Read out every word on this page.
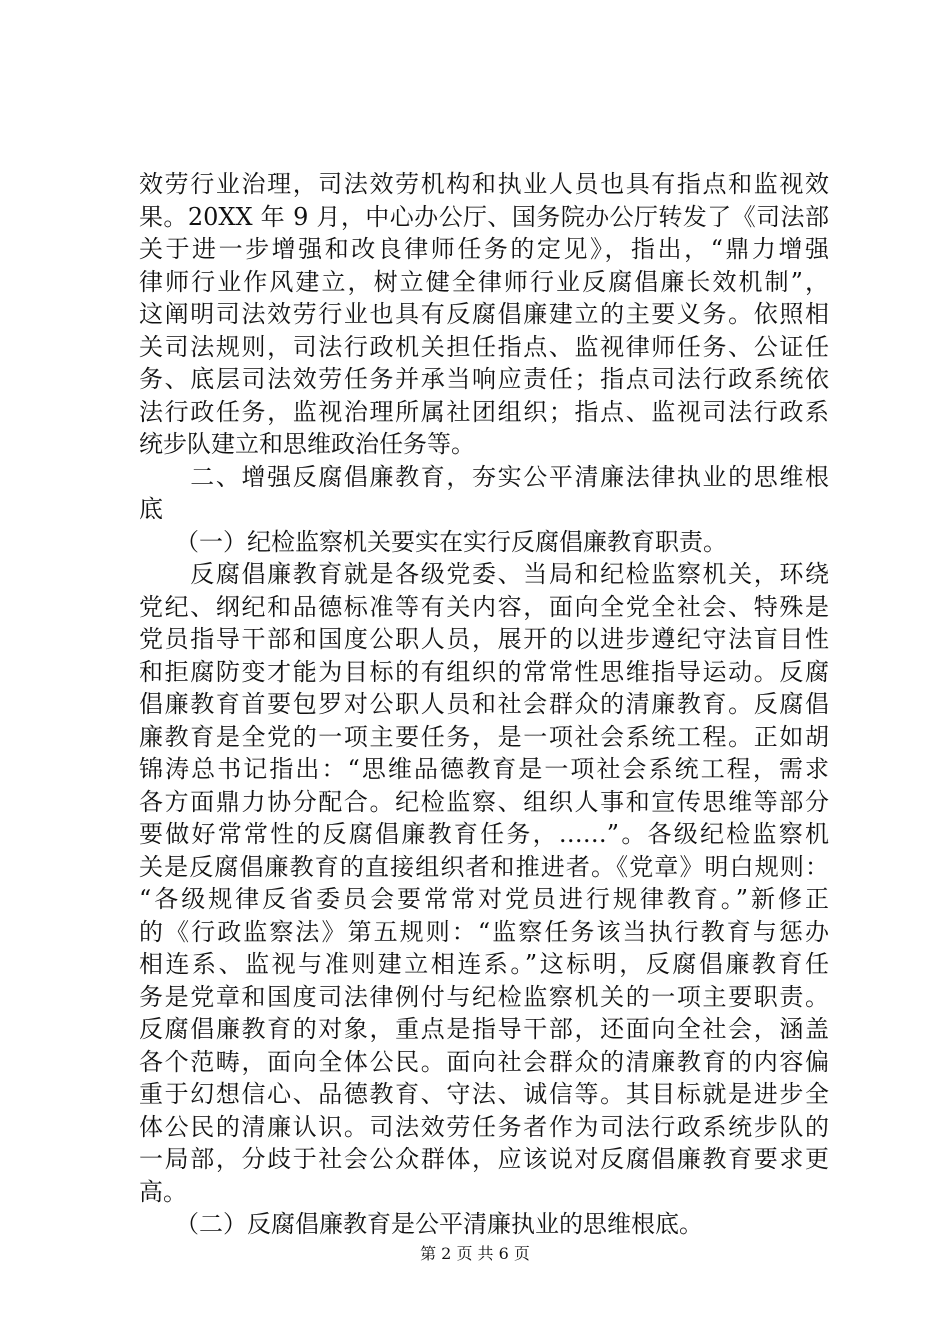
效劳行业治理，司法效劳机构和执业人员也具有指点和监视效
果。20XX 年 9 月，中心办公厅、国务院办公厅转发了《司法部
关于进一步增强和改良律师任务的定见》，指出，“鼎力增强
律师行业作风建立，树立健全律师行业反腐倡廉长效机制”，
这阐明司法效劳行业也具有反腐倡廉建立的主要义务。依照相
关司法规则，司法行政机关担任指点、监视律师任务、公证任
务、底层司法效劳任务并承当响应责任；指点司法行政系统依
法行政任务，监视治理所属社团组织；指点、监视司法行政系
统步队建立和思维政治任务等。
　　二、增强反腐倡廉教育，夯实公平清廉法律执业的思维根
底
　　（一）纪检监察机关要实在实行反腐倡廉教育职责。
　　反腐倡廉教育就是各级党委、当局和纪检监察机关，环绕
党纪、纲纪和品德标准等有关内容，面向全党全社会、特殊是
党员指导干部和国度公职人员，展开的以进步遵纪守法盲目性
和拒腐防变才能为目标的有组织的常常性思维指导运动。反腐
倡廉教育首要包罗对公职人员和社会群众的清廉教育。反腐倡
廉教育是全党的一项主要任务，是一项社会系统工程。正如胡
锦涛总书记指出：“思维品德教育是一项社会系统工程，需求
各方面鼎力协分配合。纪检监察、组织人事和宣传思维等部分
要做好常常性的反腐倡廉教育任务，……”。各级纪检监察机
关是反腐倡廉教育的直接组织者和推进者。《党章》明白规则：
“各级规律反省委员会要常常对党员进行规律教育。”新修正
的《行政监察法》第五规则：“监察任务该当执行教育与惩办
相连系、监视与准则建立相连系。”这标明，反腐倡廉教育任
务是党章和国度司法律例付与纪检监察机关的一项主要职责。
反腐倡廉教育的对象，重点是指导干部，还面向全社会，涵盖
各个范畴，面向全体公民。面向社会群众的清廉教育的内容偏
重于幻想信心、品德教育、守法、诚信等。其目标就是进步全
体公民的清廉认识。司法效劳任务者作为司法行政系统步队的
一局部，分歧于社会公众群体，应该说对反腐倡廉教育要求更
高。
　　（二）反腐倡廉教育是公平清廉执业的思维根底。
第 2 页 共 6 页
